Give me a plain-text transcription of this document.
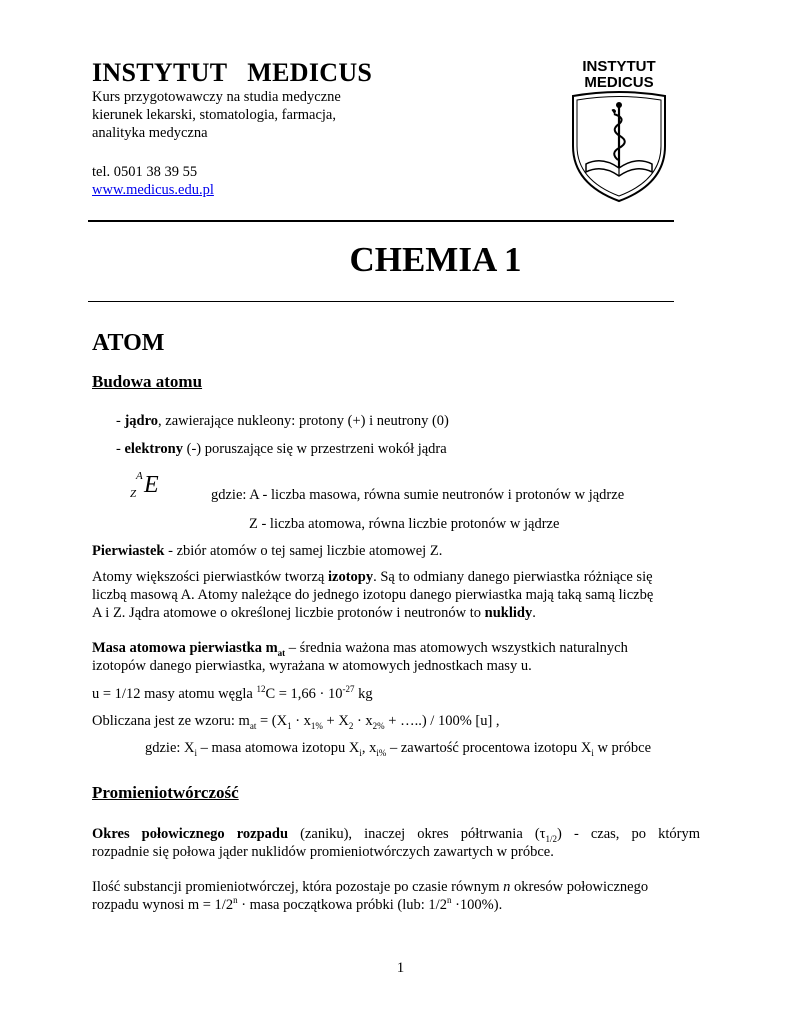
INSTYTUT   MEDICUS
Kurs przygotowawczy na studia medyczne
kierunek lekarski, stomatologia, farmacja,
analityka medyczna
tel. 0501 38 39 55
www.medicus.edu.pl
INSTYTUT
MEDICUS
CHEMIA 1
ATOM
Budowa atomu
- jądro, zawierające nukleony: protony (+) i neutrony (0)
- elektrony (-) poruszające się w przestrzeni wokół jądra
A
Z E	gdzie: A - liczba masowa, równa sumie neutronów i protonów w jądrze
Z - liczba atomowa, równa liczbie protonów w jądrze
Pierwiastek - zbiór atomów o tej samej liczbie atomowej Z.
Atomy większości pierwiastków tworzą izotopy. Są to odmiany danego pierwiastka różniące się
liczbą masową A. Atomy należące do jednego izotopu danego pierwiastka mają taką samą liczbę
A i Z. Jądra atomowe o określonej liczbie protonów i neutronów to nuklidy.
Masa atomowa pierwiastka $m_{at}$ – średnia ważona mas atomowych wszystkich naturalnych
izotopów danego pierwiastka, wyrażana w atomowych jednostkach masy u.
u = 1/12 masy atomu węgla $^{12}C = 1,66 \cdot 10^{-27}$ kg
Obliczana jest ze wzoru: $m_{at} = (X_1 \cdot x_{1\%} + X_2 \cdot x_{2\%}$ + …..) / 100% [u] ,
gdzie: $X_i$ – masa atomowa izotopu $X_i$, $x_{i\%}$ – zawartość procentowa izotopu $X_i$ w próbce
Promieniotwórczość
Okres połowicznego rozpadu (zaniku), inaczej okres półtrwania $(\tau_{1/2})$ - czas, po którym
rozpadnie się połowa jąder nuklidów promieniotwórczych zawartych w próbce.
Ilość substancji promieniotwórczej, która pozostaje po czasie równym n okresów połowicznego
rozpadu wynosi $m = 1/2^n$ · masa początkowa próbki (lub: $1/2^n \cdot 100\%$).
1
